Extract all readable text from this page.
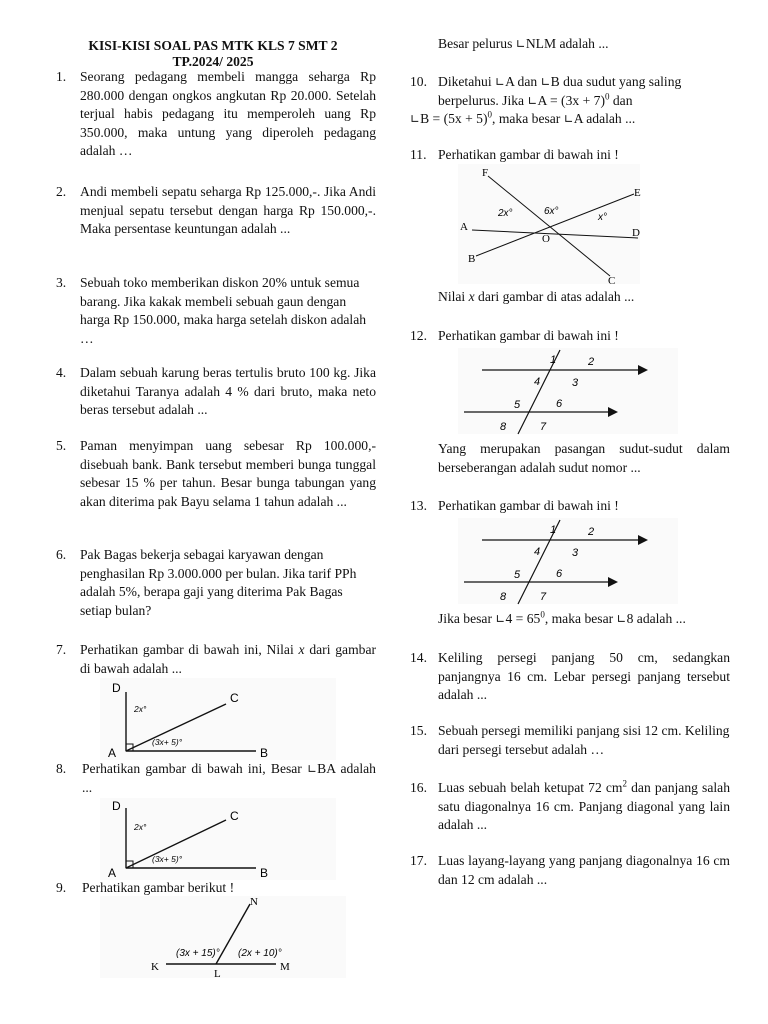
KISI-KISI SOAL PAS MTK KLS 7 SMT 2
TP.2024/ 2025
1. Seorang pedagang membeli mangga seharga Rp 280.000 dengan ongkos angkutan Rp 20.000. Setelah terjual habis pedagang itu memperoleh uang Rp 350.000, maka untung yang diperoleh pedagang adalah …
2. Andi membeli sepatu seharga Rp 125.000,-. Jika Andi menjual sepatu tersebut dengan harga Rp 150.000,-. Maka persentase keuntungan adalah ...
3. Sebuah toko memberikan diskon 20% untuk semua barang. Jika kakak membeli sebuah gaun dengan harga Rp 150.000, maka harga setelah diskon adalah …
4. Dalam sebuah karung beras tertulis bruto 100 kg. Jika diketahui Taranya adalah 4 % dari bruto, maka neto beras tersebut adalah ...
5. Paman menyimpan uang sebesar Rp 100.000,- disebuah bank. Bank tersebut memberi bunga tunggal sebesar 15 % per tahun. Besar bunga tabungan yang akan diterima pak Bayu selama 1 tahun adalah ...
6. Pak Bagas bekerja sebagai karyawan dengan penghasilan Rp 3.000.000 per bulan. Jika tarif PPh adalah 5%, berapa gaji yang diterima Pak Bagas setiap bulan?
7. Perhatikan gambar di bawah ini, Nilai x dari gambar di bawah adalah ...
D
C
A	B
2x°
(3x+ 5)°
8. Perhatikan gambar di bawah ini, Besar ∟BA adalah ...
D
C
A	B
2x°
(3x+ 5)°
9. Perhatikan gambar berikut !
N
K
L
M
(3x + 15)° (2x + 10)°
Besar pelurus ∟NLM adalah ...
10. Diketahui ∟A dan ∟B dua sudut yang saling berpelurus. Jika ∟A = $(3x + 7)^0$ dan
∟B = $(5x + 5)^0$, maka besar ∟A adalah ...
11. Perhatikan gambar di bawah ini !
F
E
A
O	D
B
C
2x°	6x°
x°
Nilai x dari gambar di atas adalah ...
12. Perhatikan gambar di bawah ini !
1	2
4	3
5	6
8	7
Yang merupakan pasangan sudut-sudut dalam berseberangan adalah sudut nomor ...
13. Perhatikan gambar di bawah ini !
1	2
4	3
5	6
8	7
Jika besar ∟4 = $65^0$, maka besar ∟8 adalah ...
14. Keliling persegi panjang 50 cm, sedangkan panjangnya 16 cm. Lebar persegi panjang tersebut adalah ...
15. Sebuah persegi memiliki panjang sisi 12 cm. Keliling dari persegi tersebut adalah …
16. Luas sebuah belah ketupat 72 $cm^2$ dan panjang salah satu diagonalnya 16 cm. Panjang diagonal yang lain adalah ...
17. Luas layang-layang yang panjang diagonalnya 16 cm dan 12 cm adalah ...
